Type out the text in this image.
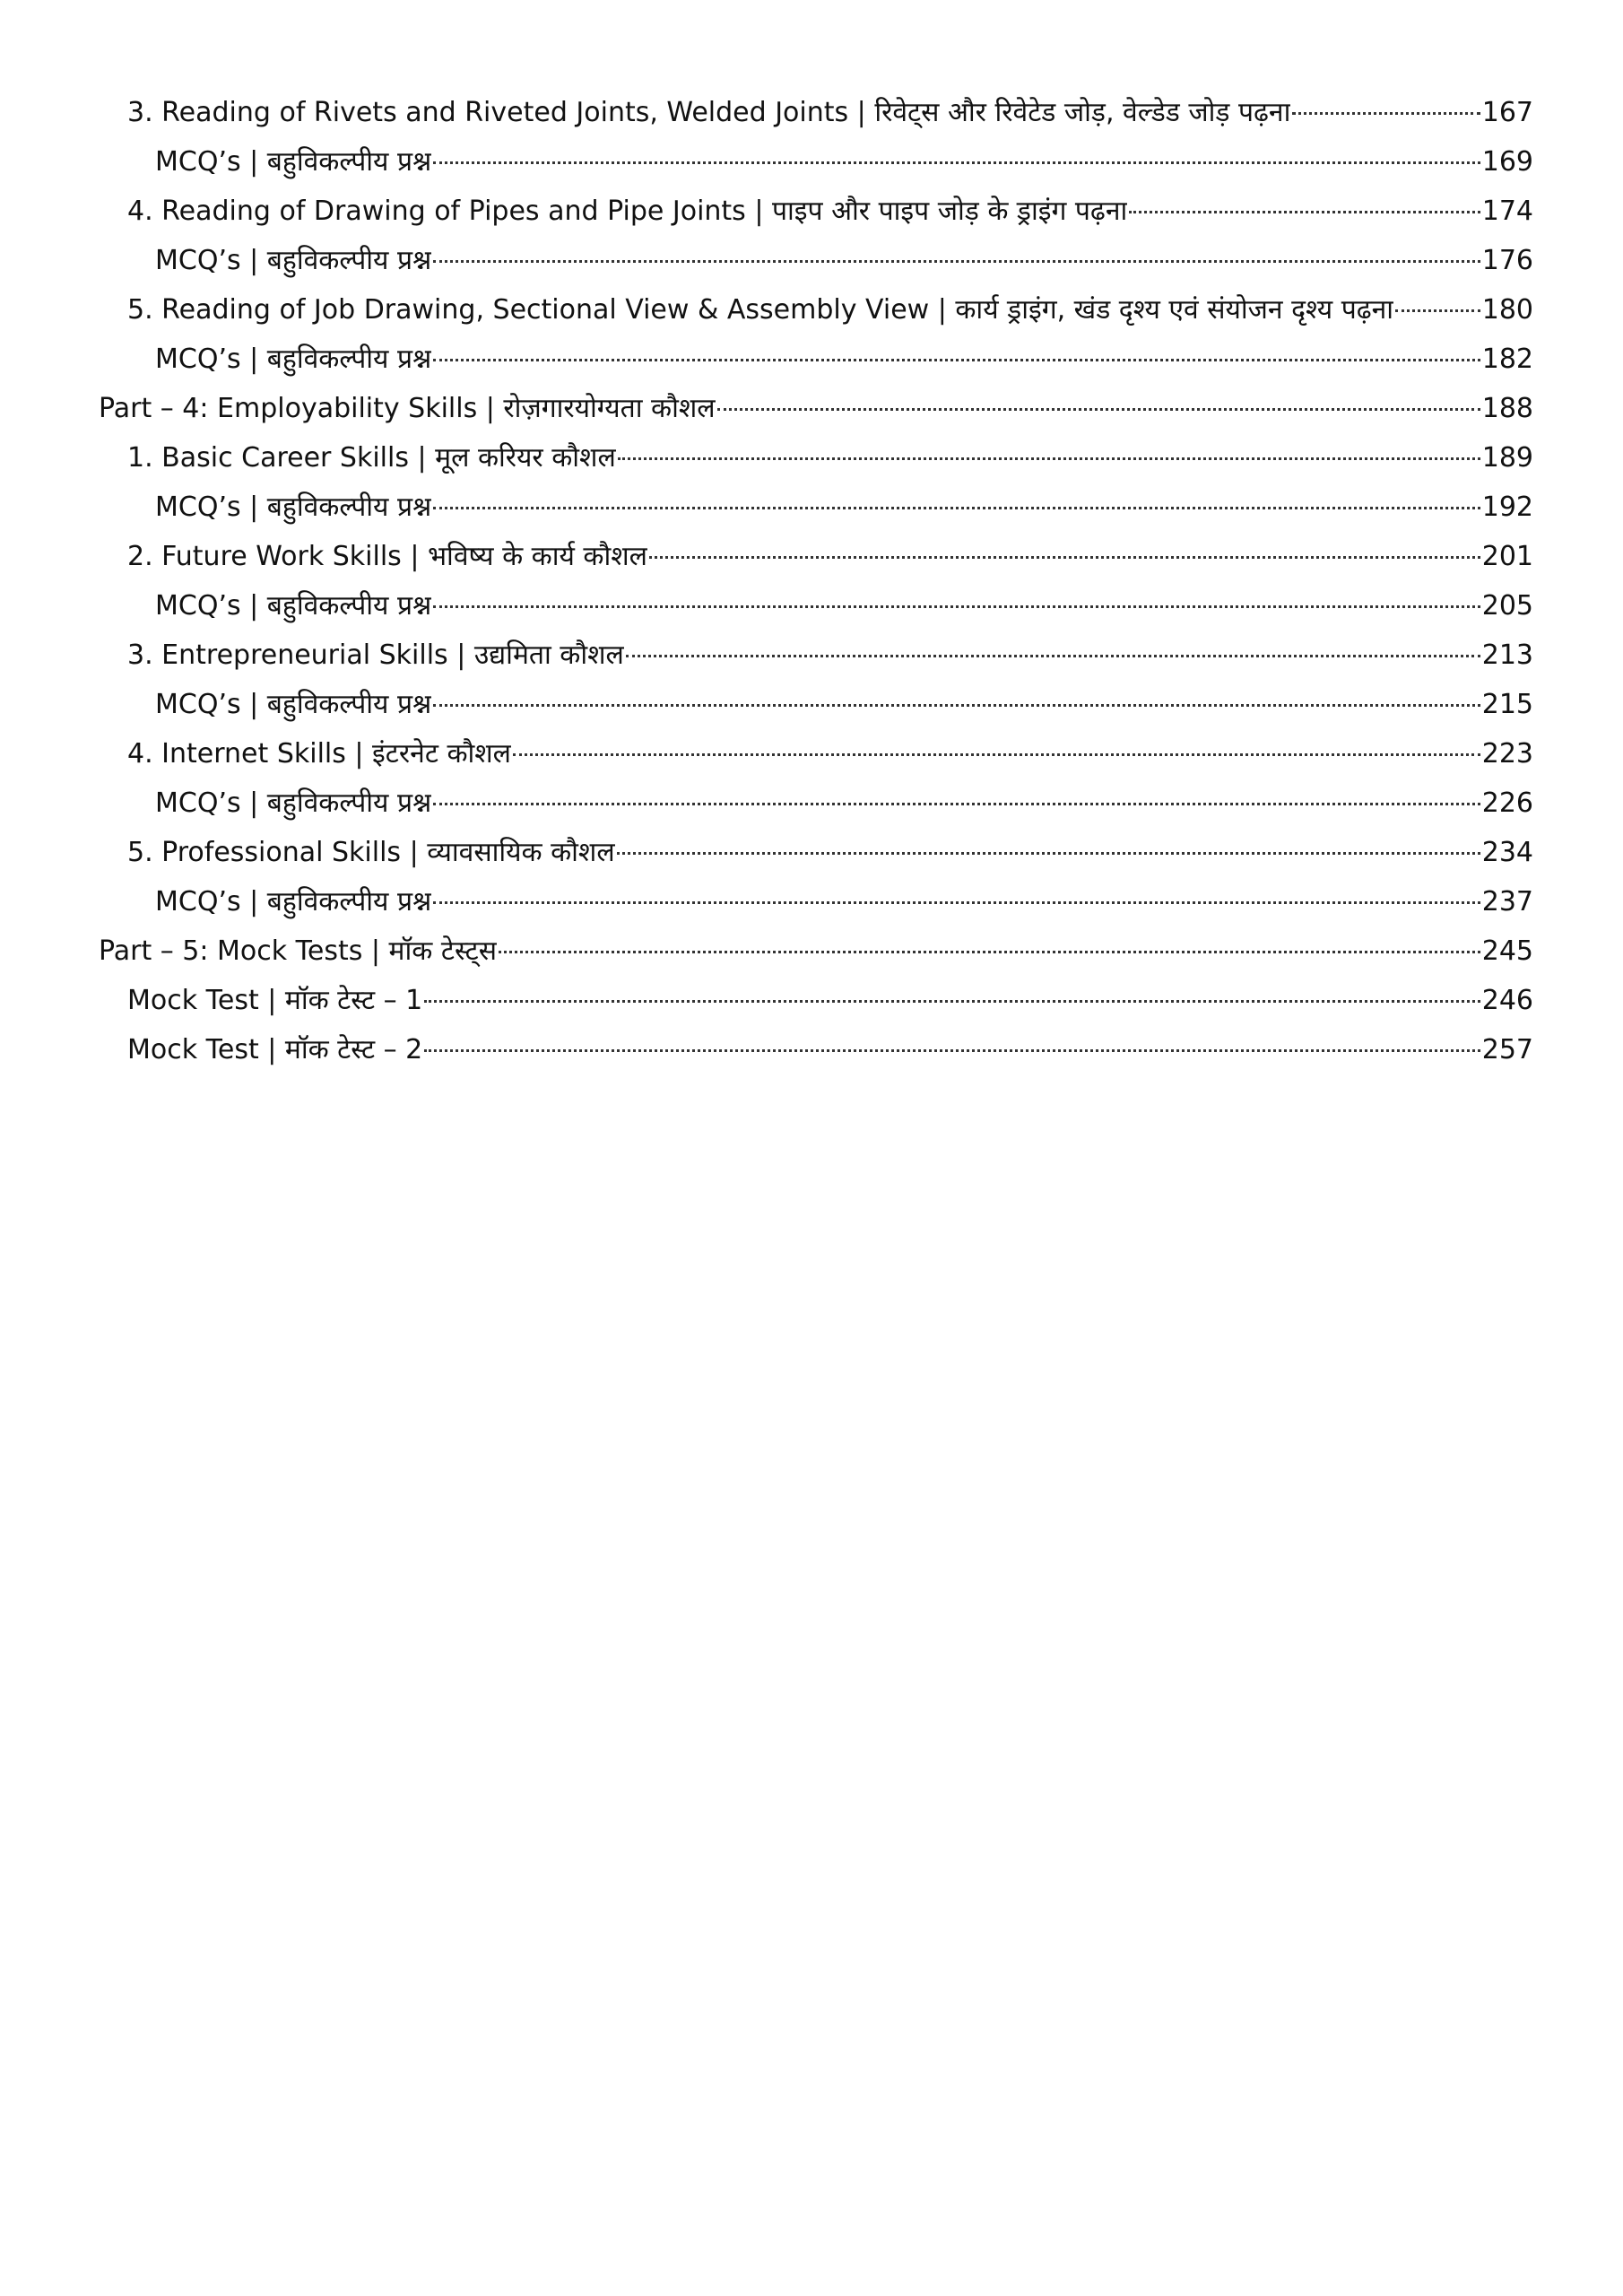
3. Reading of Rivets and Riveted Joints, Welded Joints | रिवेट्स और रिवेटेड जोड़, वेल्डेड जोड़ पढ़ना	167
MCQ’s | बहुविकल्पीय प्रश्न	169
4. Reading of Drawing of Pipes and Pipe Joints | पाइप और पाइप जोड़ के ड्राइंग पढ़ना	174
MCQ’s | बहुविकल्पीय प्रश्न	176
5. Reading of Job Drawing, Sectional View & Assembly View | कार्य ड्राइंग, खंड दृश्य एवं संयोजन दृश्य पढ़ना	180
MCQ’s | बहुविकल्पीय प्रश्न	182
Part – 4: Employability Skills | रोज़गारयोग्यता कौशल	188
1. Basic Career Skills | मूल करियर कौशल	189
MCQ’s | बहुविकल्पीय प्रश्न	192
2. Future Work Skills | भविष्य के कार्य कौशल	201
MCQ’s | बहुविकल्पीय प्रश्न	205
3. Entrepreneurial Skills | उद्यमिता कौशल	213
MCQ’s | बहुविकल्पीय प्रश्न	215
4. Internet Skills | इंटरनेट कौशल	223
MCQ’s | बहुविकल्पीय प्रश्न	226
5. Professional Skills | व्यावसायिक कौशल	234
MCQ’s | बहुविकल्पीय प्रश्न	237
Part – 5: Mock Tests | मॉक टेस्ट्स	245
Mock Test | मॉक टेस्ट – 1	246
Mock Test | मॉक टेस्ट – 2	257
